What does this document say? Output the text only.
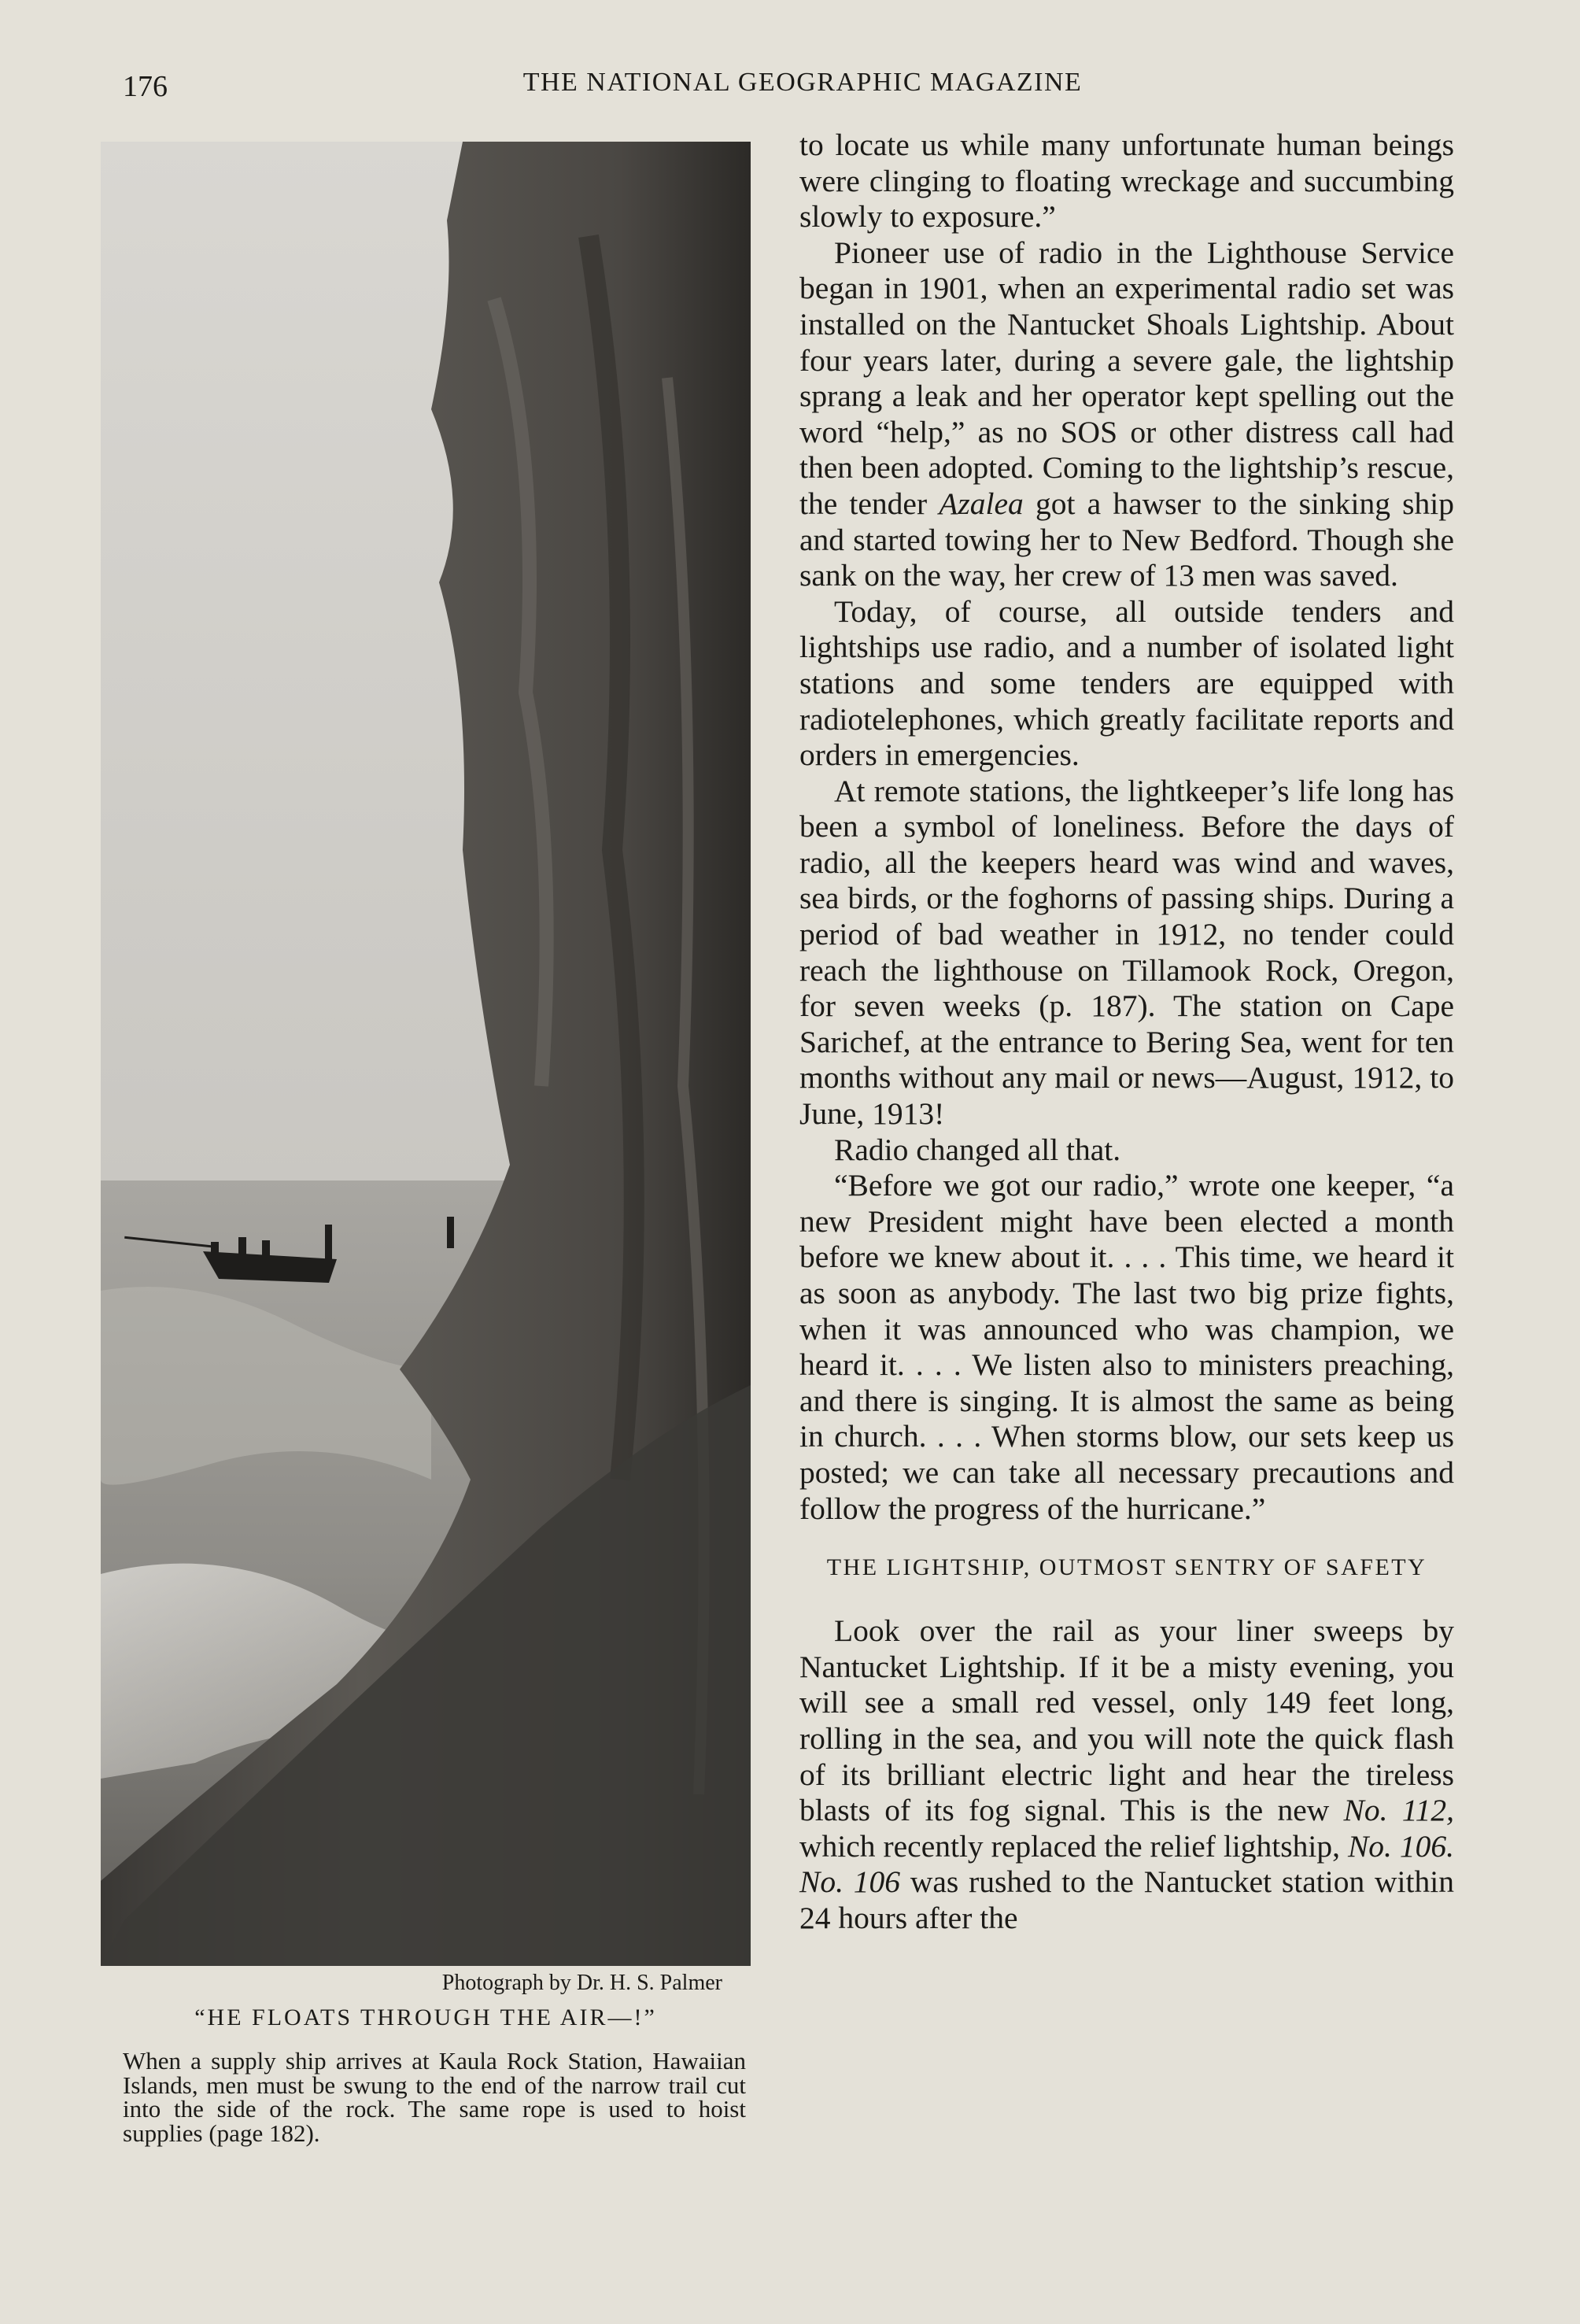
176	THE NATIONAL GEOGRAPHIC MAGAZINE
Photograph by Dr. H. S. Palmer
“HE FLOATS THROUGH THE AIR—!”
When a supply ship arrives at Kaula Rock Station, Hawaiian Islands, men must be swung to the end of the narrow trail cut into the side of the rock. The same rope is used to hoist supplies (page 182).

to locate us while many unfortunate human beings were clinging to floating wreckage and succumbing slowly to exposure.”

Pioneer use of radio in the Lighthouse Service began in 1901, when an experimental radio set was installed on the Nantucket Shoals Lightship. About four years later, during a severe gale, the lightship sprang a leak and her operator kept spelling out the word “help,” as no SOS or other distress call had then been adopted. Coming to the lightship’s rescue, the tender Azalea got a hawser to the sinking ship and started towing her to New Bedford. Though she sank on the way, her crew of 13 men was saved.

Today, of course, all outside tenders and lightships use radio, and a number of isolated light stations and some tenders are equipped with radiotelephones, which greatly facilitate reports and orders in emergencies.

At remote stations, the lightkeeper’s life long has been a symbol of loneliness. Before the days of radio, all the keepers heard was wind and waves, sea birds, or the foghorns of passing ships. During a period of bad weather in 1912, no tender could reach the lighthouse on Tillamook Rock, Oregon, for seven weeks (p. 187). The station on Cape Sarichef, at the entrance to Bering Sea, went for ten months without any mail or news—August, 1912, to June, 1913!

Radio changed all that.

“Before we got our radio,” wrote one keeper, “a new President might have been elected a month before we knew about it. . . . This time, we heard it as soon as anybody. The last two big prize fights, when it was announced who was champion, we heard it. . . . We listen also to ministers preaching, and there is singing. It is almost the same as being in church. . . . When storms blow, our sets keep us posted; we can take all necessary precautions and follow the progress of the hurricane.”

THE LIGHTSHIP, OUTMOST SENTRY OF SAFETY

Look over the rail as your liner sweeps by Nantucket Lightship. If it be a misty evening, you will see a small red vessel, only 149 feet long, rolling in the sea, and you will note the quick flash of its brilliant electric light and hear the tireless blasts of its fog signal. This is the new No. 112, which recently replaced the relief lightship, No. 106. No. 106 was rushed to the Nantucket station within 24 hours after the
